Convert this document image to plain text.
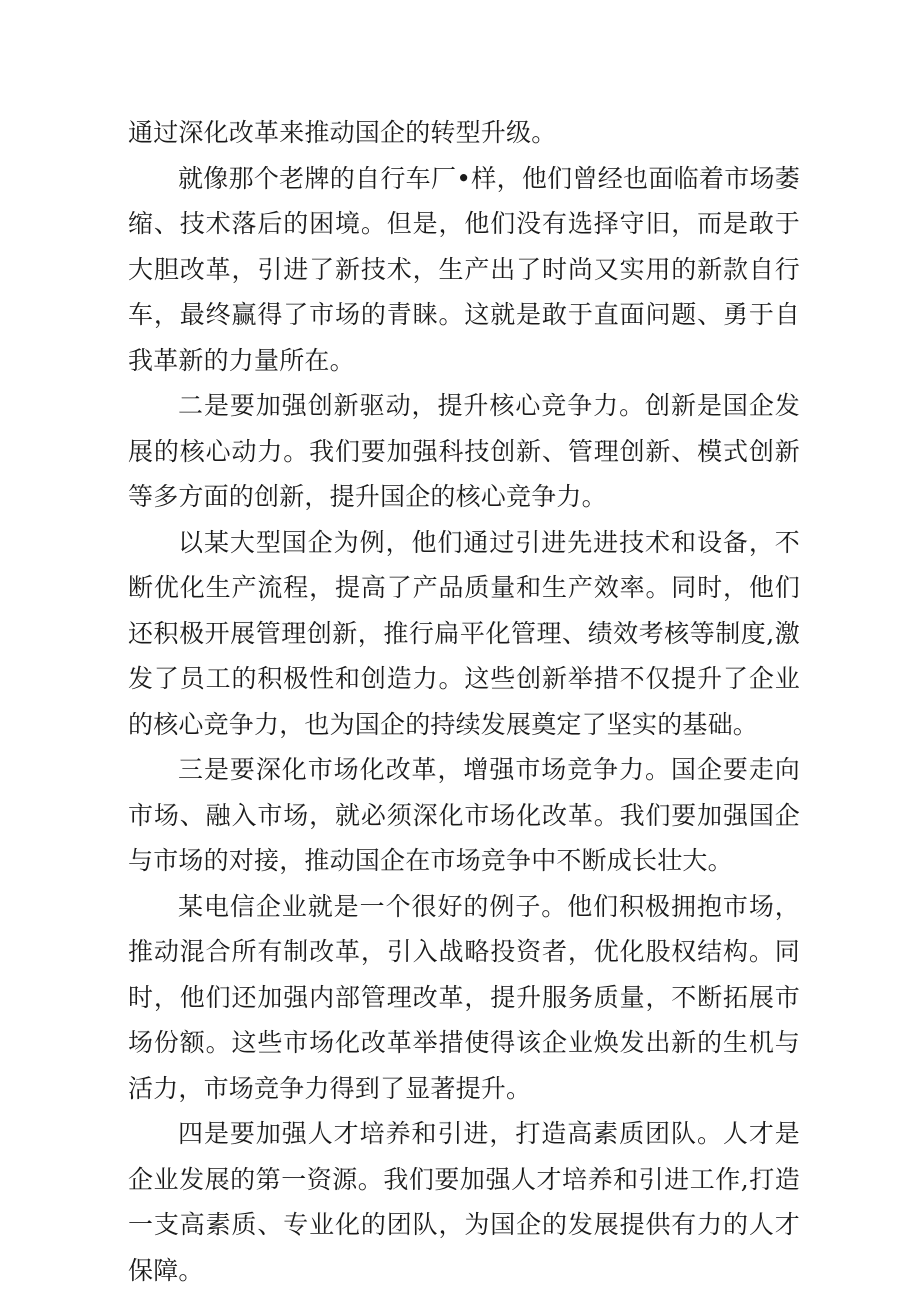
通过深化改革来推动国企的转型升级。

就像那个老牌的自行车厂•样，他们曾经也面临着市场萎缩、技术落后的困境。但是，他们没有选择守旧，而是敢于大胆改革，引进了新技术，生产出了时尚又实用的新款自行车，最终赢得了市场的青睐。这就是敢于直面问题、勇于自我革新的力量所在。

二是要加强创新驱动，提升核心竞争力。创新是国企发展的核心动力。我们要加强科技创新、管理创新、模式创新等多方面的创新，提升国企的核心竞争力。

以某大型国企为例，他们通过引进先进技术和设备，不断优化生产流程，提高了产品质量和生产效率。同时，他们还积极开展管理创新，推行扁平化管理、绩效考核等制度,激发了员工的积极性和创造力。这些创新举措不仅提升了企业的核心竞争力，也为国企的持续发展奠定了坚实的基础。

三是要深化市场化改革，增强市场竞争力。国企要走向市场、融入市场，就必须深化市场化改革。我们要加强国企与市场的对接，推动国企在市场竞争中不断成长壮大。

某电信企业就是一个很好的例子。他们积极拥抱市场，推动混合所有制改革，引入战略投资者，优化股权结构。同时，他们还加强内部管理改革，提升服务质量，不断拓展市场份额。这些市场化改革举措使得该企业焕发出新的生机与活力，市场竞争力得到了显著提升。

四是要加强人才培养和引进，打造高素质团队。人才是企业发展的第一资源。我们要加强人才培养和引进工作,打造一支高素质、专业化的团队，为国企的发展提供有力的人才保障。
